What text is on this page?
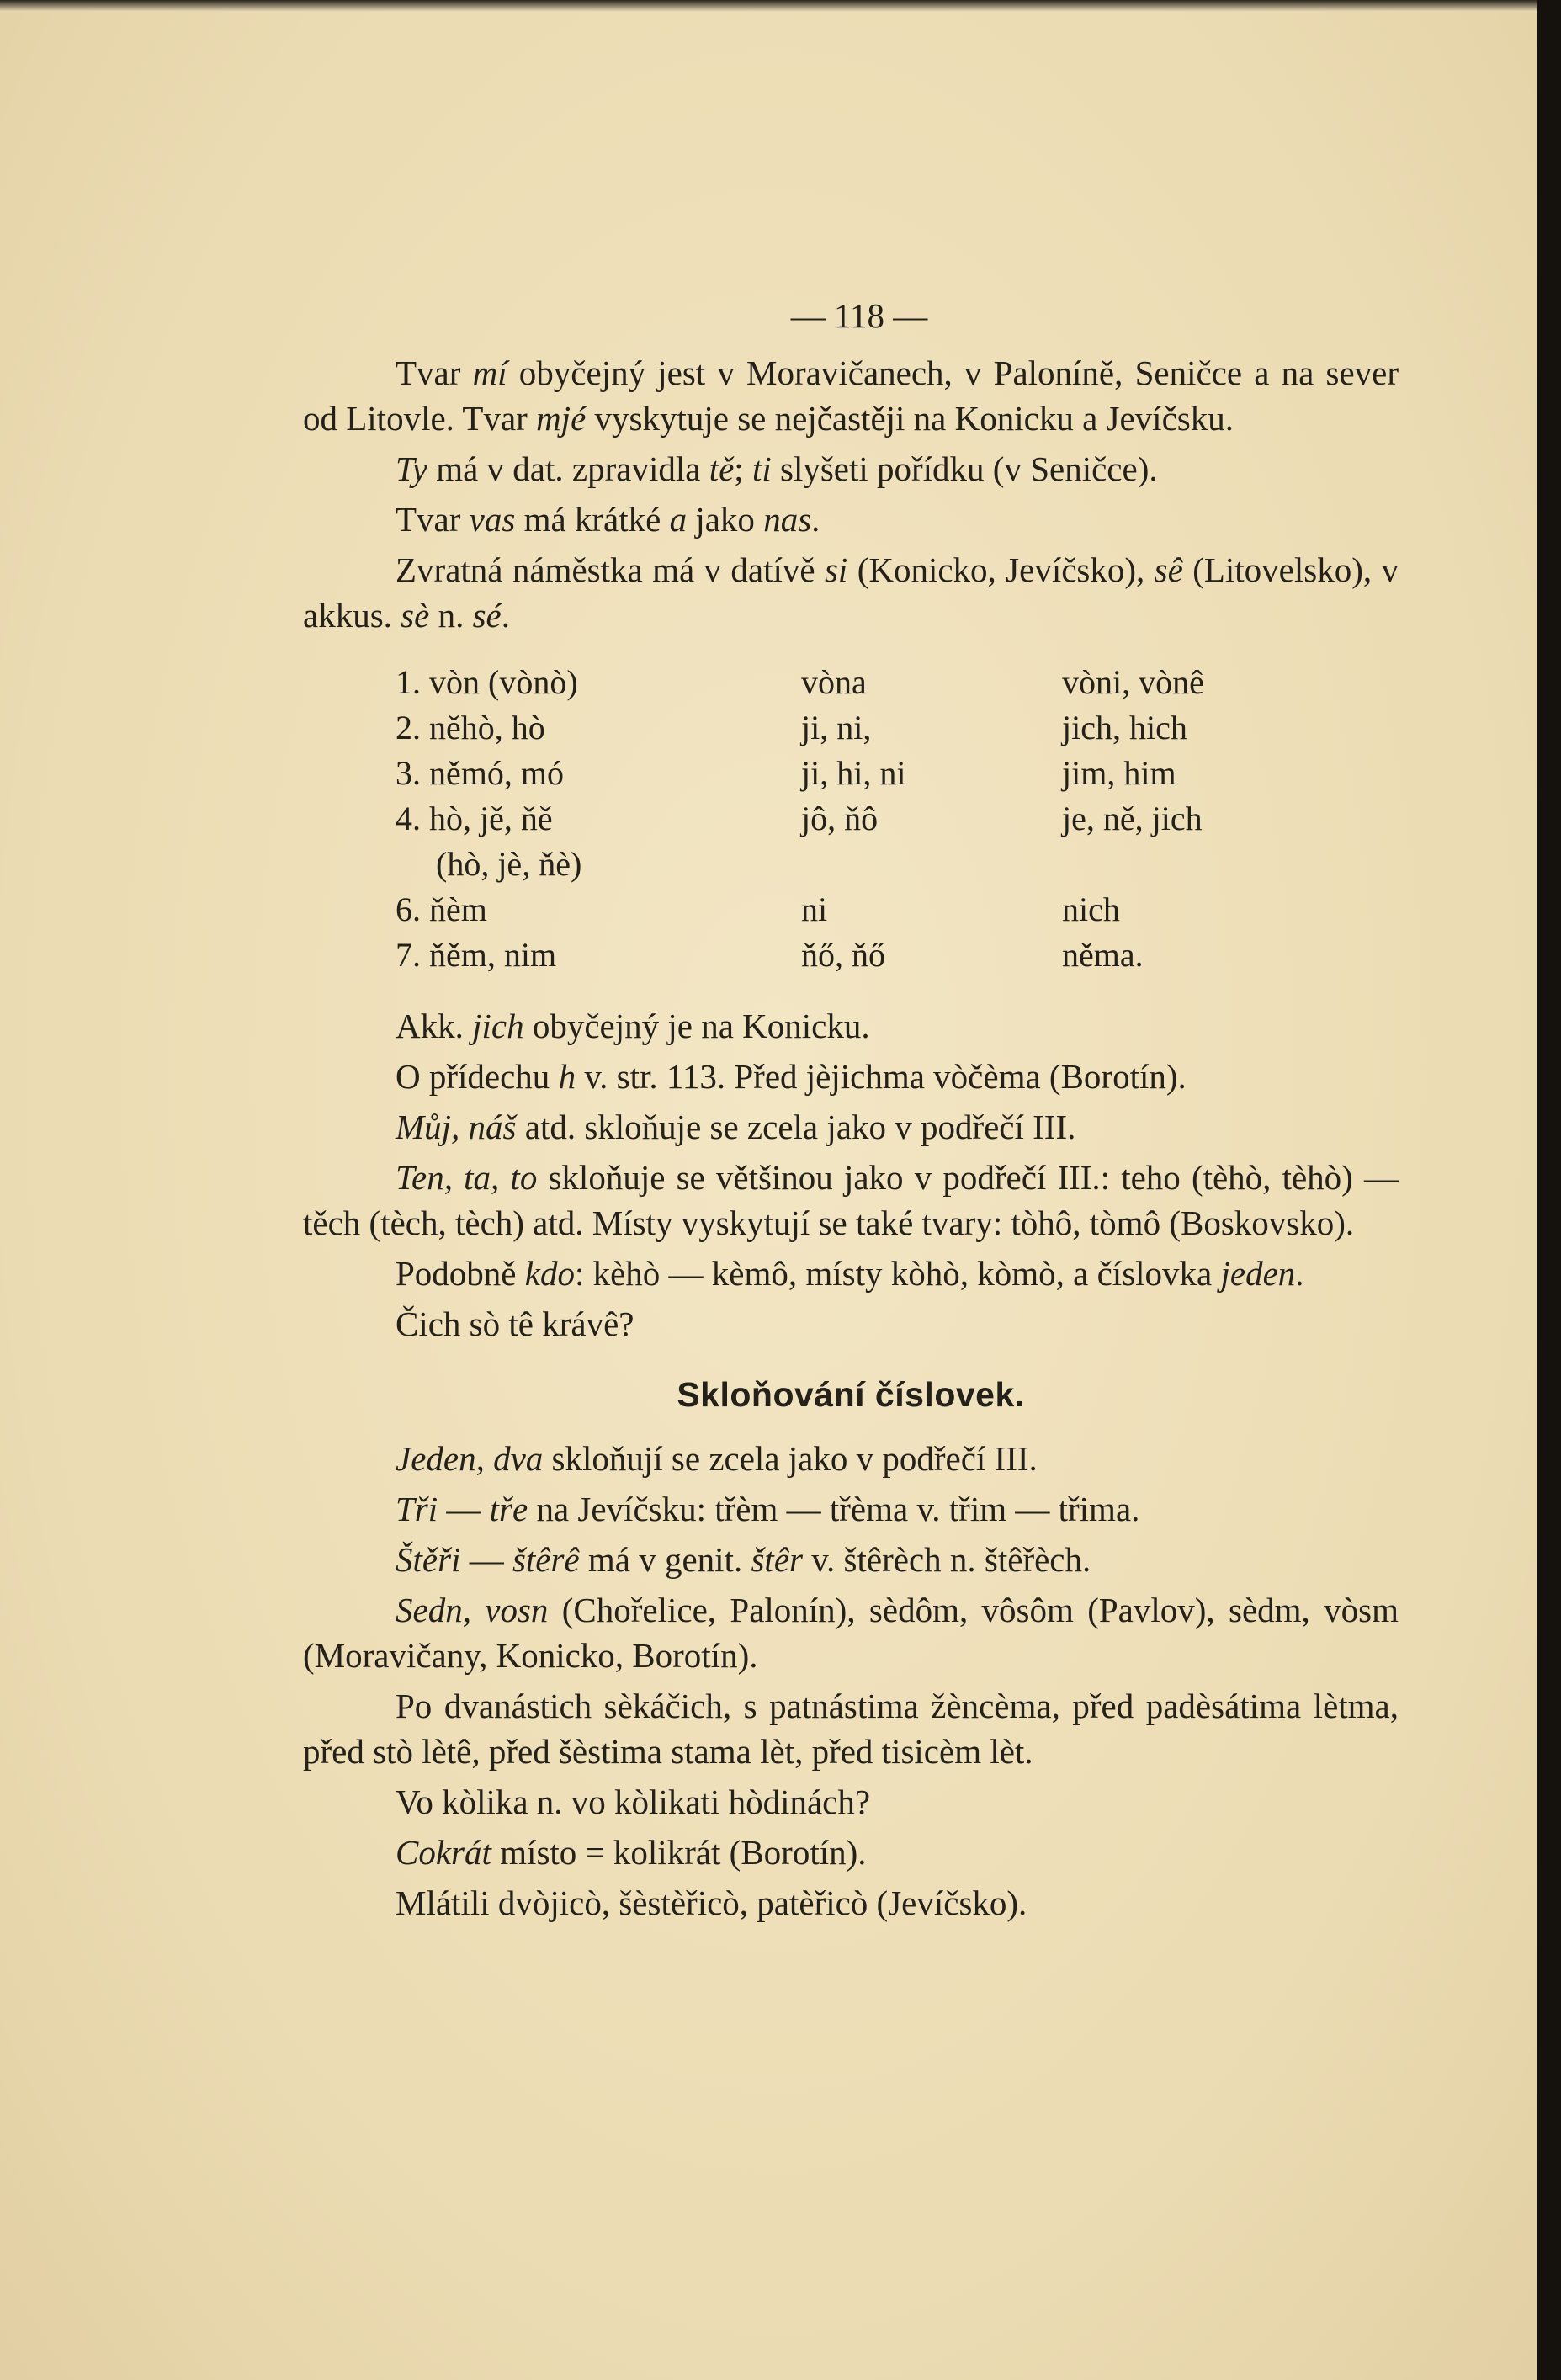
— 118 —

Tvar mí obyčejný jest v Moravičanech, v Paloníně, Seničce a na sever od Litovle. Tvar mjé vyskytuje se nejčastěji na Konicku a Jevíčsku.

Ty má v dat. zpravidla tě; ti slyšeti pořídku (v Seničce).

Tvar vas má krátké a jako nas.

Zvratná náměstka má v datívě si (Konicko, Jevíčsko), sê (Litovelsko), v akkus. sè n. sé.

1. vòn (vònò)	vòna	vòni, vònê
2. něhò, hò	ji, ni,	jich, hich
3. němó, mó	ji, hi, ni	jim, him
4. hò, jě, ňě	jô, ňô	je, ně, jich
(hò, jè, ňè)
6. ňèm	ni	nich
7. ňěm, nim	ňő, ňő	něma.

Akk. jich obyčejný je na Konicku.

O přídechu h v. str. 113. Před jèjichma vòčèma (Borotín).

Můj, náš atd. skloňuje se zcela jako v podřečí III.

Ten, ta, to skloňuje se většinou jako v podřečí III.: teho (tèhò, tèhò) — těch (tèch, tèch) atd. Místy vyskytují se také tvary: tòhô, tòmô (Boskovsko).

Podobně kdo: kèhò — kèmô, místy kòhò, kòmò, a číslovka jeden.

Čich sò tê krávê?

Skloňování číslovek.

Jeden, dva skloňují se zcela jako v podřečí III.

Tři — tře na Jevíčsku: třèm — třèma v. třim — třima.

Štěři — štêrê má v genit. štêr v. štêrèch n. štêřèch.

Sedn, vosn (Chořelice, Palonín), sèdôm, vôsôm (Pavlov), sèdm, vòsm (Moravičany, Konicko, Borotín).

Po dvanástich sèkáčich, s patnástima žèncèma, před padèsátima lètma, před stò lètê, před šèstima stama lèt, před tisicèm lèt.

Vo kòlika n. vo kòlikati hòdinách?

Cokrát místo = kolikrát (Borotín).

Mlátili dvòjicò, šèstèřicò, patèřicò (Jevíčsko).
